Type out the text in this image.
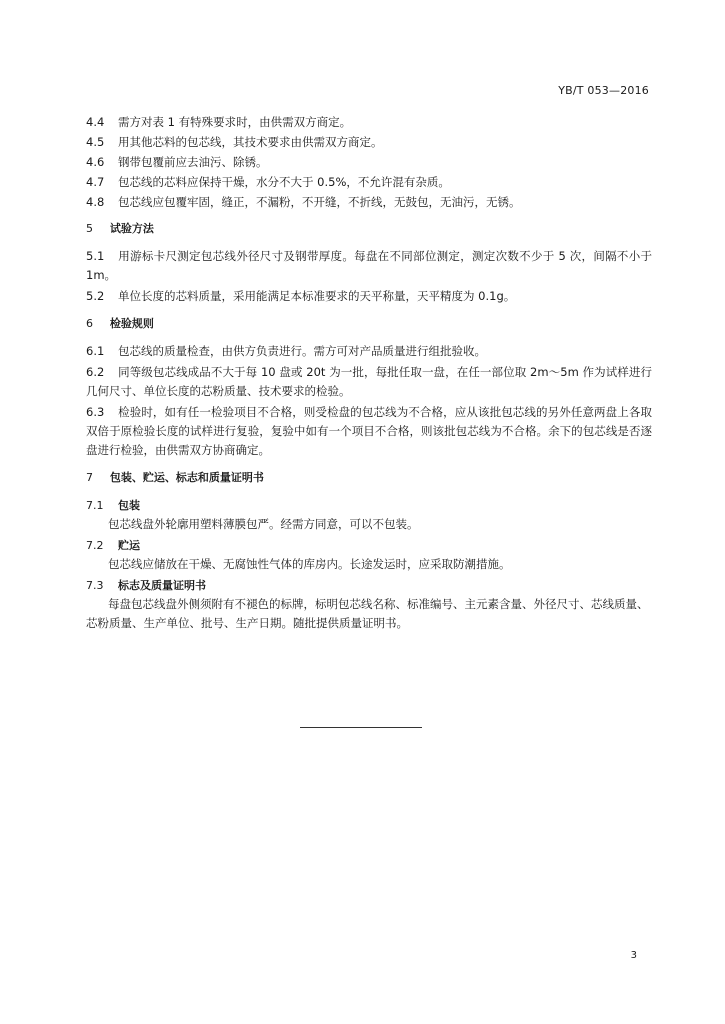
YB/T 053—2016
4.4	需方对表 1 有特殊要求时，由供需双方商定。
4.5	用其他芯料的包芯线，其技术要求由供需双方商定。
4.6	钢带包覆前应去油污、除锈。
4.7	包芯线的芯料应保持干燥，水分不大于 0.5%，不允许混有杂质。
4.8	包芯线应包覆牢固，缝正，不漏粉，不开缝，不折线，无鼓包，无油污，无锈。
5 试验方法
5.1 用游标卡尺测定包芯线外径尺寸及钢带厚度。每盘在不同部位测定，测定次数不少于 5 次，间隔不小于 1m。
5.2 单位长度的芯料质量，采用能满足本标准要求的天平称量，天平精度为 0.1g。
6 检验规则
6.1 包芯线的质量检查，由供方负责进行。需方可对产品质量进行组批验收。
6.2 同等级包芯线成品不大于每 10 盘或 20t 为一批，每批任取一盘，在任一部位取 2m～5m 作为试样进行几何尺寸、单位长度的芯粉质量、技术要求的检验。
6.3 检验时，如有任一检验项目不合格，则受检盘的包芯线为不合格，应从该批包芯线的另外任意两盘上各取双倍于原检验长度的试样进行复验，复验中如有一个项目不合格，则该批包芯线为不合格。余下的包芯线是否逐盘进行检验，由供需双方协商确定。
7 包装、贮运、标志和质量证明书
7.1 包装
包芯线盘外轮廓用塑料薄膜包严。经需方同意，可以不包装。
7.2 贮运
包芯线应储放在干燥、无腐蚀性气体的库房内。长途发运时，应采取防潮措施。
7.3 标志及质量证明书
每盘包芯线盘外侧须附有不褪色的标牌，标明包芯线名称、标准编号、主元素含量、外径尺寸、芯线质量、芯粉质量、生产单位、批号、生产日期。随批提供质量证明书。
3
